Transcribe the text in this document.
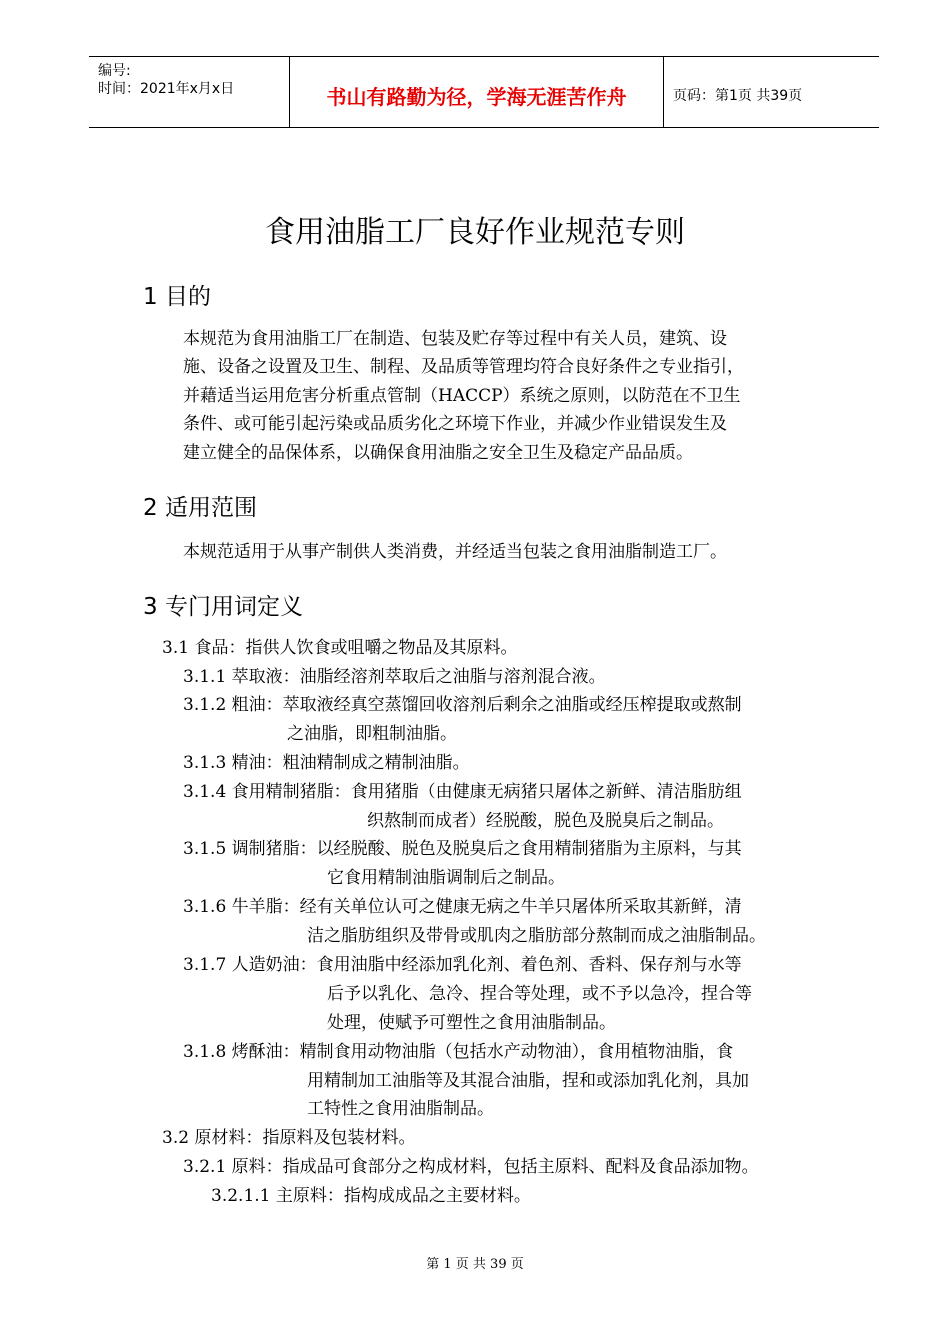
编号:
时间：2021年x月x日	书山有路勤为径，学海无涯苦作舟	页码：第1页 共39页
食用油脂工厂良好作业规范专则
1 目的
本规范为食用油脂工厂在制造、包装及贮存等过程中有关人员，建筑、设
施、设备之设置及卫生、制程、及品质等管理均符合良好条件之专业指引，
并藉适当运用危害分析重点管制（HACCP）系统之原则，以防范在不卫生
条件、或可能引起污染或品质劣化之环境下作业，并减少作业错误发生及
建立健全的品保体系，以确保食用油脂之安全卫生及稳定产品品质。
2 适用范围
本规范适用于从事产制供人类消费，并经适当包装之食用油脂制造工厂。
3 专门用词定义
3.1 食品：指供人饮食或咀嚼之物品及其原料。
3.1.1 萃取液：油脂经溶剂萃取后之油脂与溶剂混合液。
3.1.2 粗油：萃取液经真空蒸馏回收溶剂后剩余之油脂或经压榨提取或熬制
之油脂，即粗制油脂。
3.1.3 精油：粗油精制成之精制油脂。
3.1.4 食用精制猪脂：食用猪脂（由健康无病猪只屠体之新鲜、清洁脂肪组
织熬制而成者）经脱酸，脱色及脱臭后之制品。
3.1.5 调制猪脂：以经脱酸、脱色及脱臭后之食用精制猪脂为主原料，与其
它食用精制油脂调制后之制品。
3.1.6 牛羊脂：经有关单位认可之健康无病之牛羊只屠体所采取其新鲜，清
洁之脂肪组织及带骨或肌肉之脂肪部分熬制而成之油脂制品。
3.1.7 人造奶油：食用油脂中经添加乳化剂、着色剂、香料、保存剂与水等
后予以乳化、急冷、捏合等处理，或不予以急冷，捏合等
处理，使赋予可塑性之食用油脂制品。
3.1.8 烤酥油：精制食用动物油脂（包括水产动物油），食用植物油脂，食
用精制加工油脂等及其混合油脂，捏和或添加乳化剂，具加
工特性之食用油脂制品。
3.2 原材料：指原料及包装材料。
3.2.1 原料：指成品可食部分之构成材料，包括主原料、配料及食品添加物。
3.2.1.1 主原料：指构成成品之主要材料。
第 1 页 共 39 页
